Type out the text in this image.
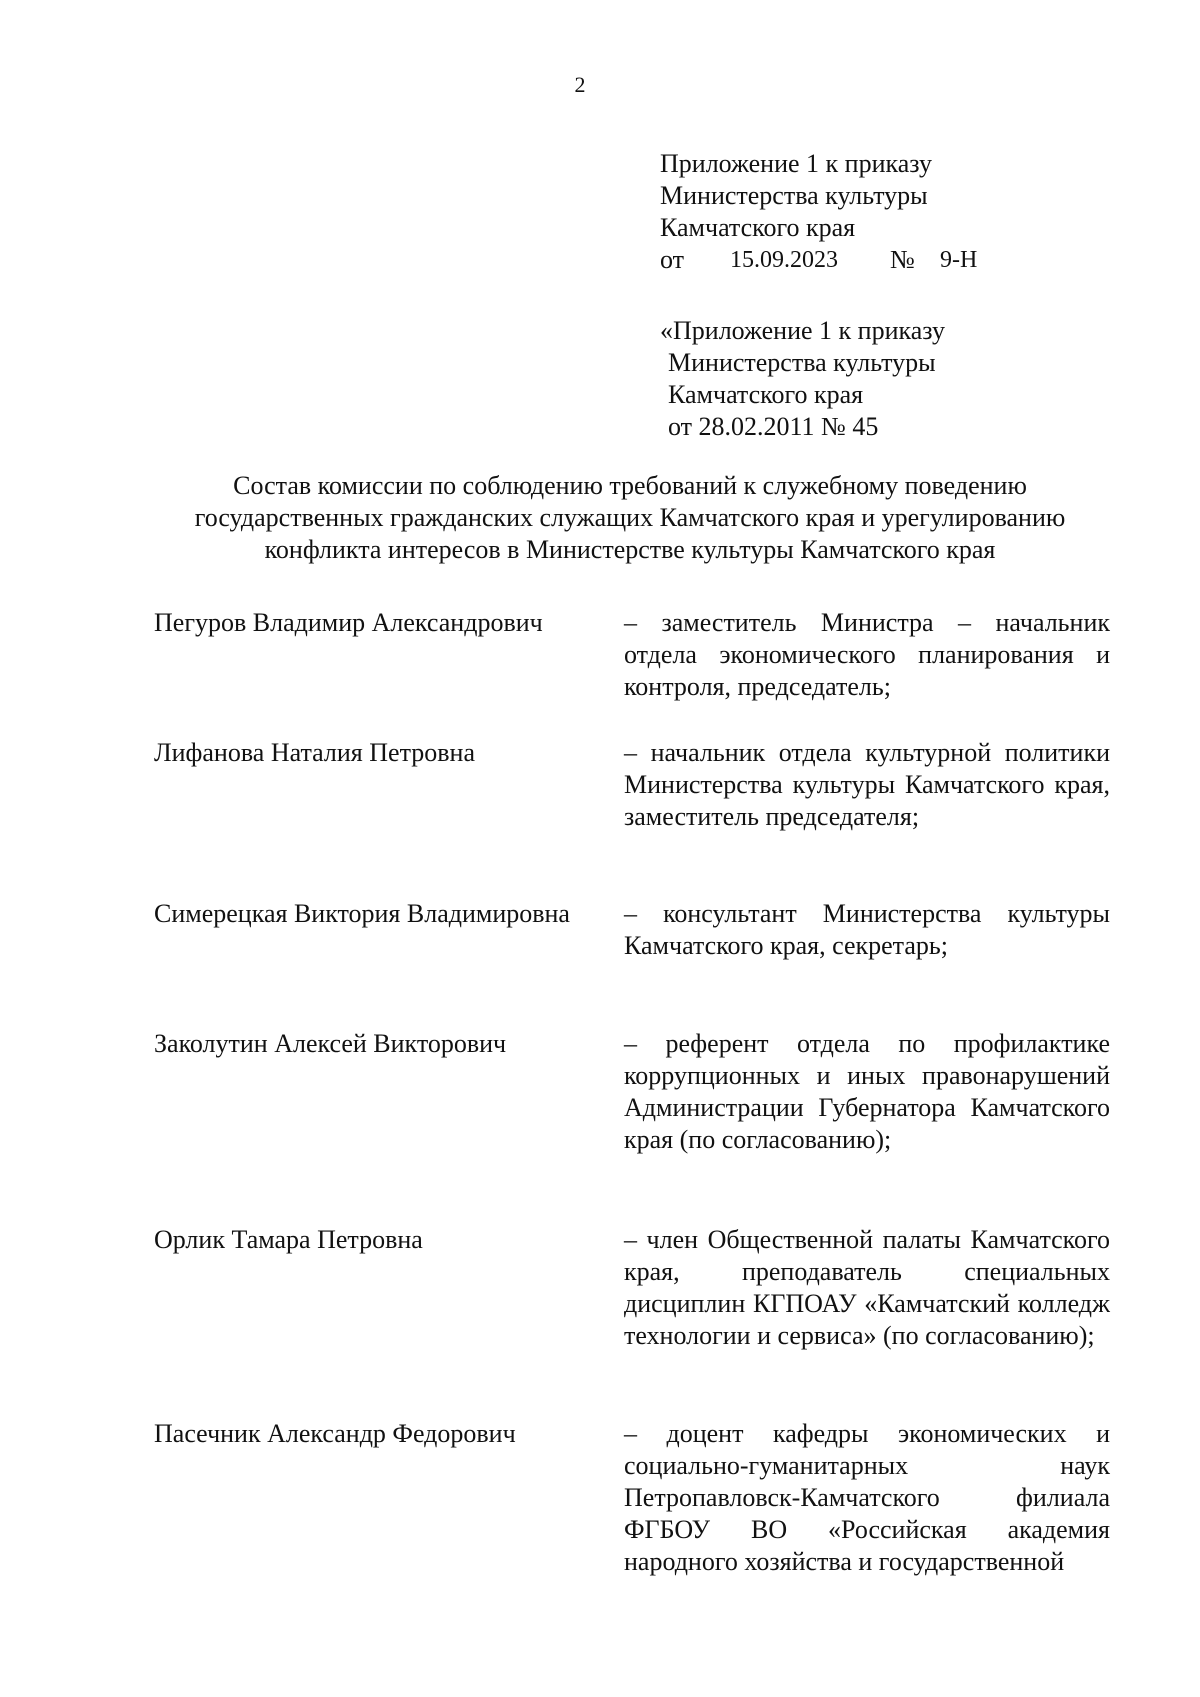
2
Приложение 1 к приказу
Министерства культуры
Камчатского края
от	15.09.2023	№	9-Н
«Приложение 1 к приказу
Министерства культуры
Камчатского края
от 28.02.2011 № 45
Состав комиссии по соблюдению требований к служебному поведению государственных гражданских служащих Камчатского края и урегулированию конфликта интересов в Министерстве культуры Камчатского края
Пегуров Владимир Александрович	– заместитель Министра – начальник отдела экономического планирования и контроля, председатель;
Лифанова Наталия Петровна	– начальник отдела культурной политики Министерства культуры Камчатского края, заместитель председателя;
Симерецкая Виктория Владимировна	– консультант Министерства культуры Камчатского края, секретарь;
Заколутин Алексей Викторович	– референт отдела по профилактике коррупционных и иных правонарушений Администрации Губернатора Камчатского края (по согласованию);
Орлик Тамара Петровна	– член Общественной палаты Камчатского края, преподаватель специальных дисциплин КГПОАУ «Камчатский колледж технологии и сервиса» (по согласованию);
Пасечник Александр Федорович	– доцент кафедры экономических и социально-гуманитарных наук Петропавловск-Камчатского филиала ФГБОУ ВО «Российская академия народного хозяйства и государственной
